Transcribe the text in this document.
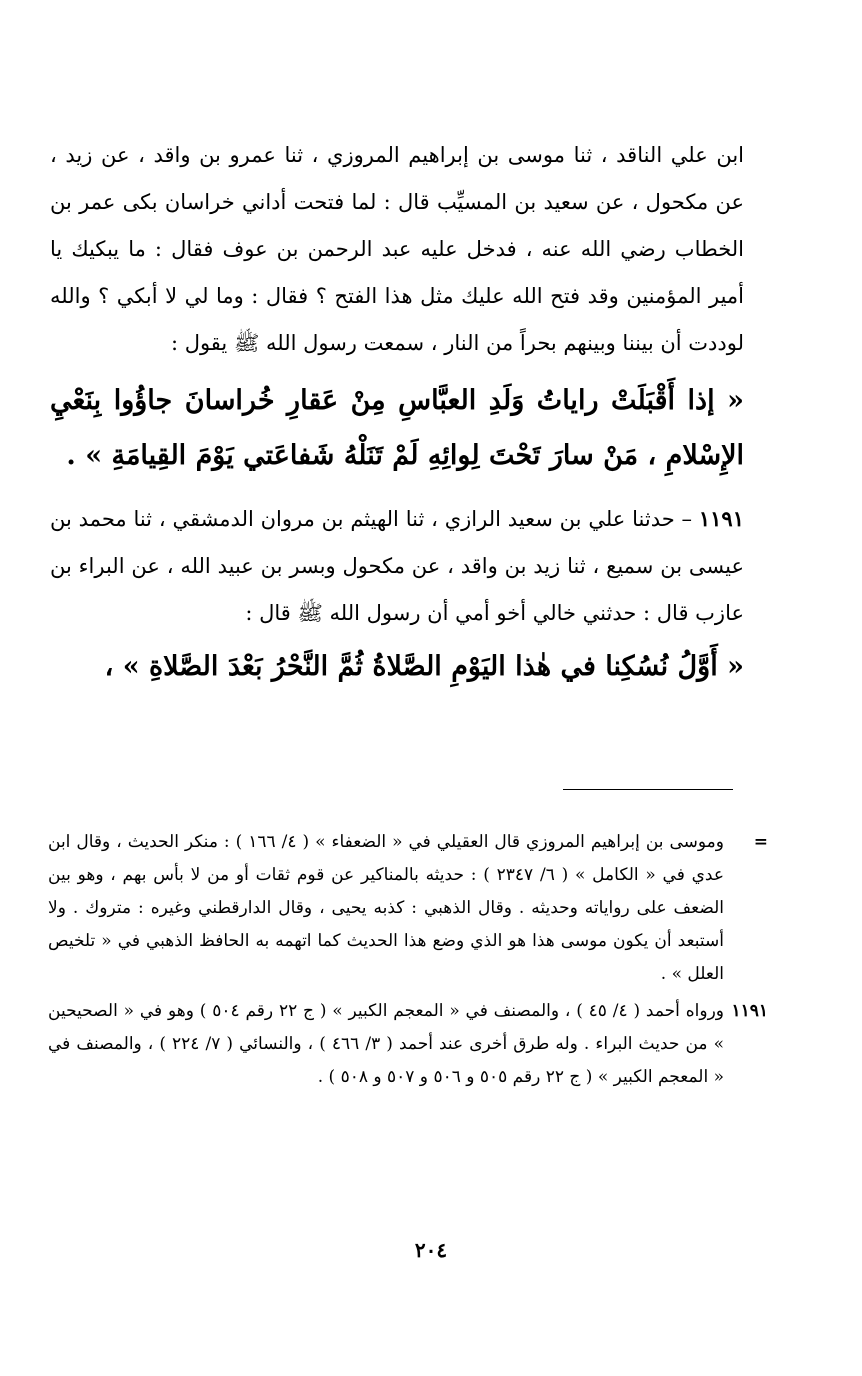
ابن علي الناقد ، ثنا موسى بن إبراهيم المروزي ، ثنا عمرو بن واقد ، عن زيد ، عن مكحول ، عن سعيد بن المسيِّب قال : لما فتحت أداني خراسان بكى عمر بن الخطاب رضي الله عنه ، فدخل عليه عبد الرحمن بن عوف فقال : ما يبكيك يا أمير المؤمنين وقد فتح الله عليك مثل هذا الفتح ؟ فقال : وما لي لا أبكي ؟ والله لوددت أن بيننا وبينهم بحراً من النار ، سمعت رسول الله ﷺ يقول :

« إذا أَقْبَلَتْ راياتُ وَلَدِ العبَّاسِ مِنْ عَقارِ خُراسانَ جاؤُوا بِنَعْيِ الإِسْلامِ ، مَنْ سارَ تَحْتَ لِوائِهِ لَمْ تَنَلْهُ شَفاعَتي يَوْمَ القِيامَةِ » .

١١٩١ – حدثنا علي بن سعيد الرازي ، ثنا الهيثم بن مروان الدمشقي ، ثنا محمد بن عيسى بن سميع ، ثنا زيد بن واقد ، عن مكحول وبسر بن عبيد الله ، عن البراء بن عازب قال : حدثني خالي أخو أمي أن رسول الله ﷺ قال :

« أَوَّلُ نُسُكِنا في هٰذا اليَوْمِ الصَّلاةُ ثُمَّ النَّحْرُ بَعْدَ الصَّلاةِ » ،

=
وموسى بن إبراهيم المروزي قال العقيلي في « الضعفاء » ( ٤/ ١٦٦ ) : منكر الحديث ، وقال ابن عدي في « الكامل » ( ٦/ ٢٣٤٧ ) : حديثه بالمناكير عن قوم ثقات أو من لا بأس بهم ، وهو بين الضعف على رواياته وحديثه . وقال الذهبي : كذبه يحيى ، وقال الدارقطني وغيره : متروك . ولا أستبعد أن يكون موسى هذا هو الذي وضع هذا الحديث كما اتهمه به الحافظ الذهبي في « تلخيص العلل » .

١١٩١
ورواه أحمد ( ٤/ ٤٥ ) ، والمصنف في « المعجم الكبير » ( ج ٢٢ رقم ٥٠٤ ) وهو في « الصحيحين » من حديث البراء . وله طرق أخرى عند أحمد ( ٣/ ٤٦٦ ) ، والنسائي ( ٧/ ٢٢٤ ) ، والمصنف في « المعجم الكبير » ( ج ٢٢ رقم ٥٠٥ و ٥٠٦ و ٥٠٧ و ٥٠٨ ) .

٢٠٤
